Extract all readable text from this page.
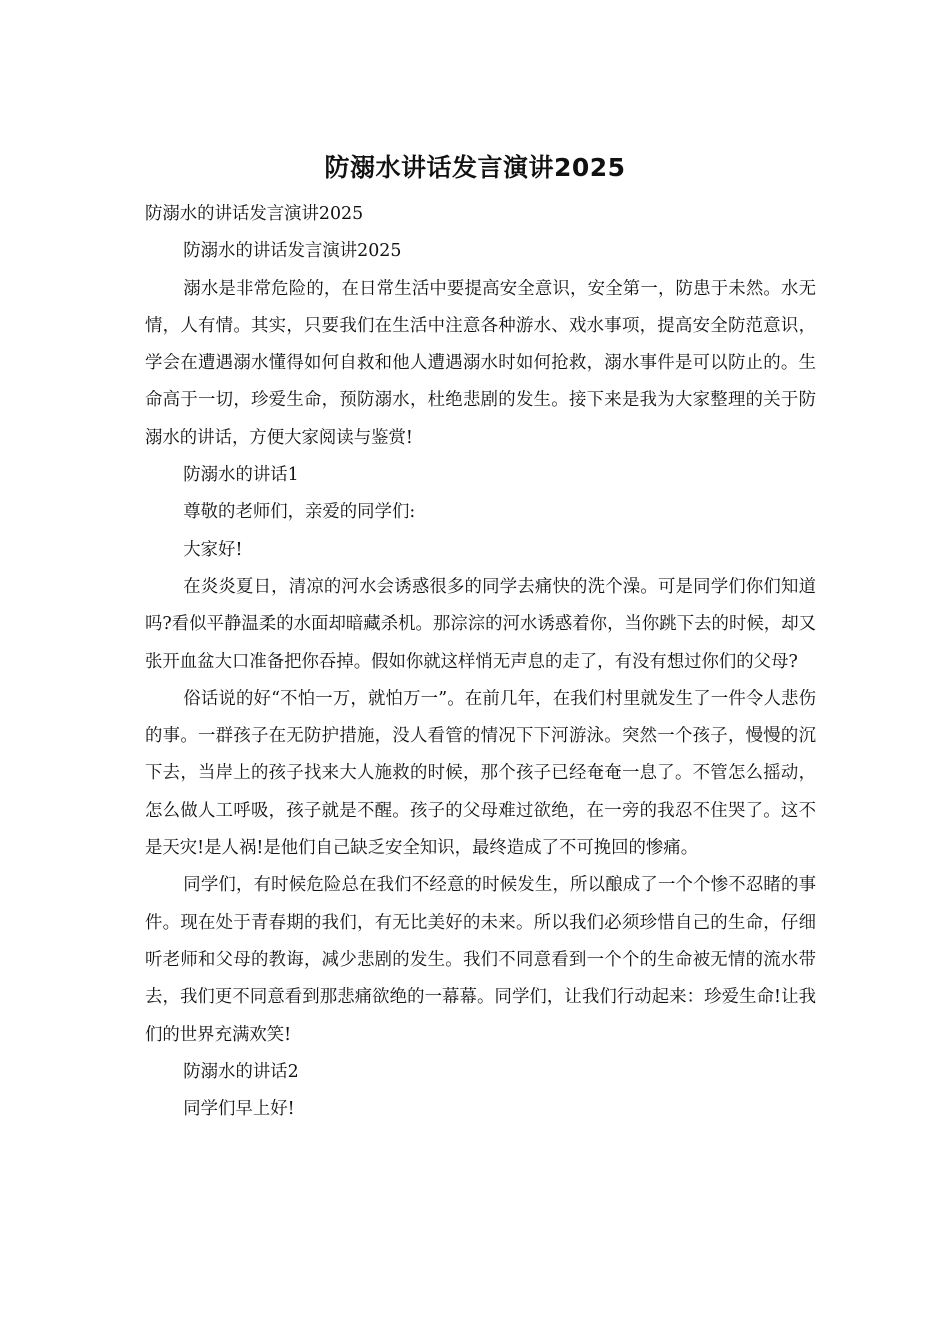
防溺水讲话发言演讲2025

防溺水的讲话发言演讲2025

防溺水的讲话发言演讲2025

溺水是非常危险的，在日常生活中要提高安全意识，安全第一，防患于未然。水无情，人有情。其实，只要我们在生活中注意各种游水、戏水事项，提高安全防范意识，学会在遭遇溺水懂得如何自救和他人遭遇溺水时如何抢救，溺水事件是可以防止的。生命高于一切，珍爱生命，预防溺水，杜绝悲剧的发生。接下来是我为大家整理的关于防溺水的讲话，方便大家阅读与鉴赏!

防溺水的讲话1

尊敬的老师们，亲爱的同学们:

大家好!

在炎炎夏日，清凉的河水会诱惑很多的同学去痛快的洗个澡。可是同学们你们知道吗?看似平静温柔的水面却暗藏杀机。那淙淙的河水诱惑着你，当你跳下去的时候，却又张开血盆大口准备把你吞掉。假如你就这样悄无声息的走了，有没有想过你们的父母?

俗话说的好“不怕一万，就怕万一”。在前几年，在我们村里就发生了一件令人悲伤的事。一群孩子在无防护措施，没人看管的情况下下河游泳。突然一个孩子，慢慢的沉下去，当岸上的孩子找来大人施救的时候，那个孩子已经奄奄一息了。不管怎么摇动，怎么做人工呼吸，孩子就是不醒。孩子的父母难过欲绝，在一旁的我忍不住哭了。这不是天灾!是人祸!是他们自己缺乏安全知识，最终造成了不可挽回的惨痛。

同学们，有时候危险总在我们不经意的时候发生，所以酿成了一个个惨不忍睹的事件。现在处于青春期的我们，有无比美好的未来。所以我们必须珍惜自己的生命，仔细听老师和父母的教诲，减少悲剧的发生。我们不同意看到一个个的生命被无情的流水带去，我们更不同意看到那悲痛欲绝的一幕幕。同学们，让我们行动起来：珍爱生命!让我们的世界充满欢笑!

防溺水的讲话2

同学们早上好!
